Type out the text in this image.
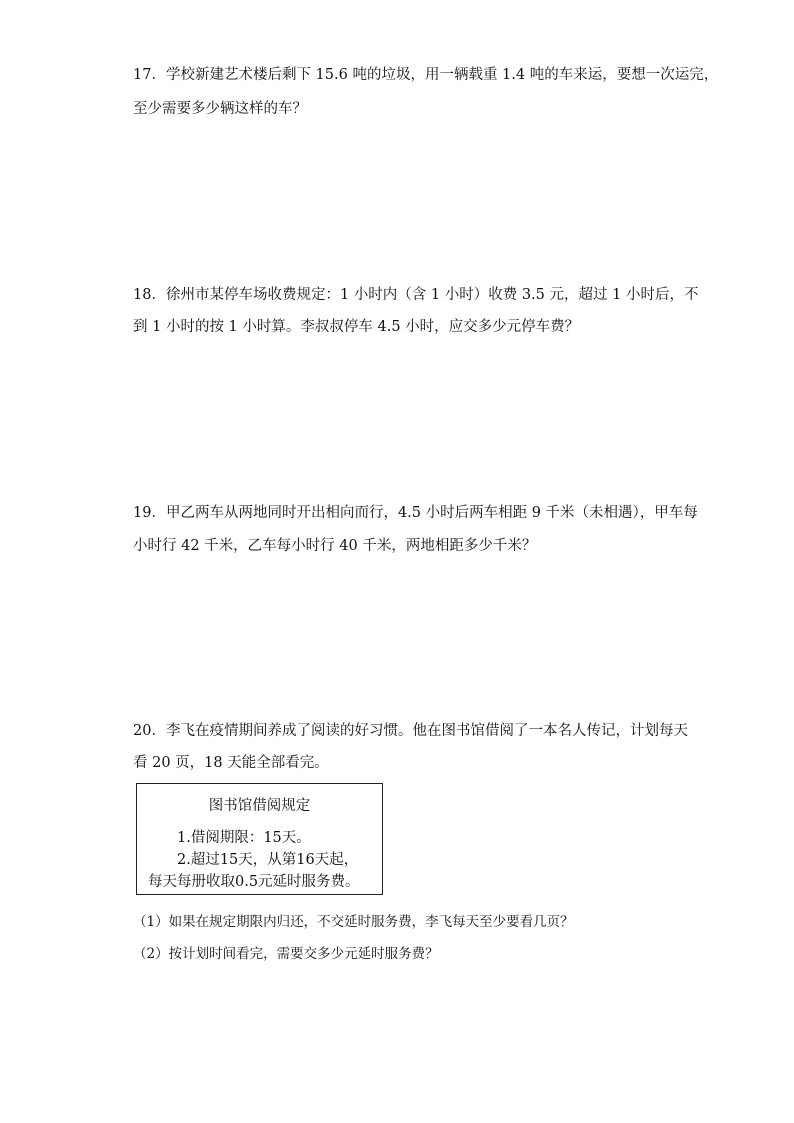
17．学校新建艺术楼后剩下 15.6 吨的垃圾，用一辆载重 1.4 吨的车来运，要想一次运完，
至少需要多少辆这样的车？
18．徐州市某停车场收费规定：1 小时内（含 1 小时）收费 3.5 元，超过 1 小时后，不
到 1 小时的按 1 小时算。李叔叔停车 4.5 小时，应交多少元停车费？
19．甲乙两车从两地同时开出相向而行，4.5 小时后两车相距 9 千米（未相遇），甲车每
小时行 42 千米，乙车每小时行 40 千米，两地相距多少千米？
20．李飞在疫情期间养成了阅读的好习惯。他在图书馆借阅了一本名人传记，计划每天
看 20 页，18 天能全部看完。
图书馆借阅规定
1.借阅期限：15天。
2.超过15天，从第16天起，
每天每册收取0.5元延时服务费。
（1）如果在规定期限内归还，不交延时服务费，李飞每天至少要看几页？
（2）按计划时间看完，需要交多少元延时服务费？
